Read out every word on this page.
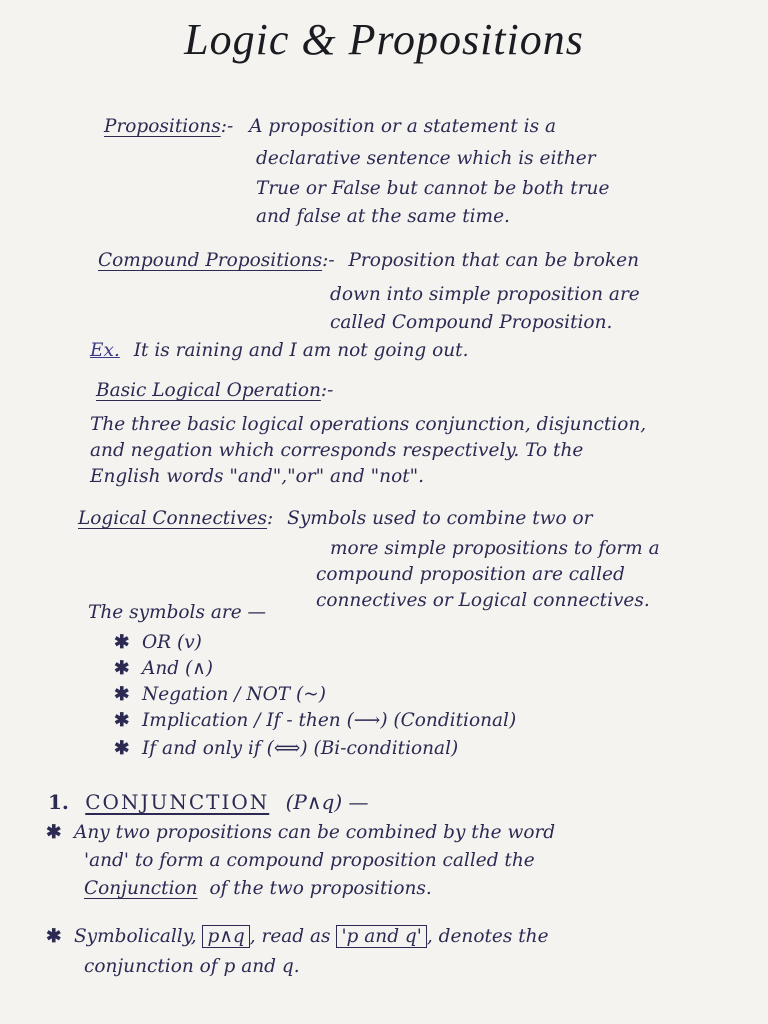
Logic & Propositions
Propositions:- A proposition or a statement is a
declarative sentence which is either
True or False but cannot be both true
and false at the same time.
Compound Propositions:- Proposition that can be broken
down into simple proposition are
called Compound Proposition.
Ex. It is raining and I am not going out.
Basic Logical Operation:-
The three basic logical operations conjunction, disjunction,
and negation which corresponds respectively. To the
English words "and","or" and "not".
Logical Connectives: Symbols used to combine two or
more simple propositions to form a
compound proposition are called
connectives or Logical connectives.
The symbols are —
✱ OR (v)
✱ And (∧)
✱ Negation / NOT (~)
✱ Implication / If - then (⟶) (Conditional)
✱ If and only if (⟺) (Bi-conditional)
1. CONJUNCTION (P∧q) —
✱ Any two propositions can be combined by the word
'and' to form a compound proposition called the
Conjunction of the two propositions.
✱ Symbolically, p∧q , read as 'p and q' , denotes the
conjunction of p and q.
